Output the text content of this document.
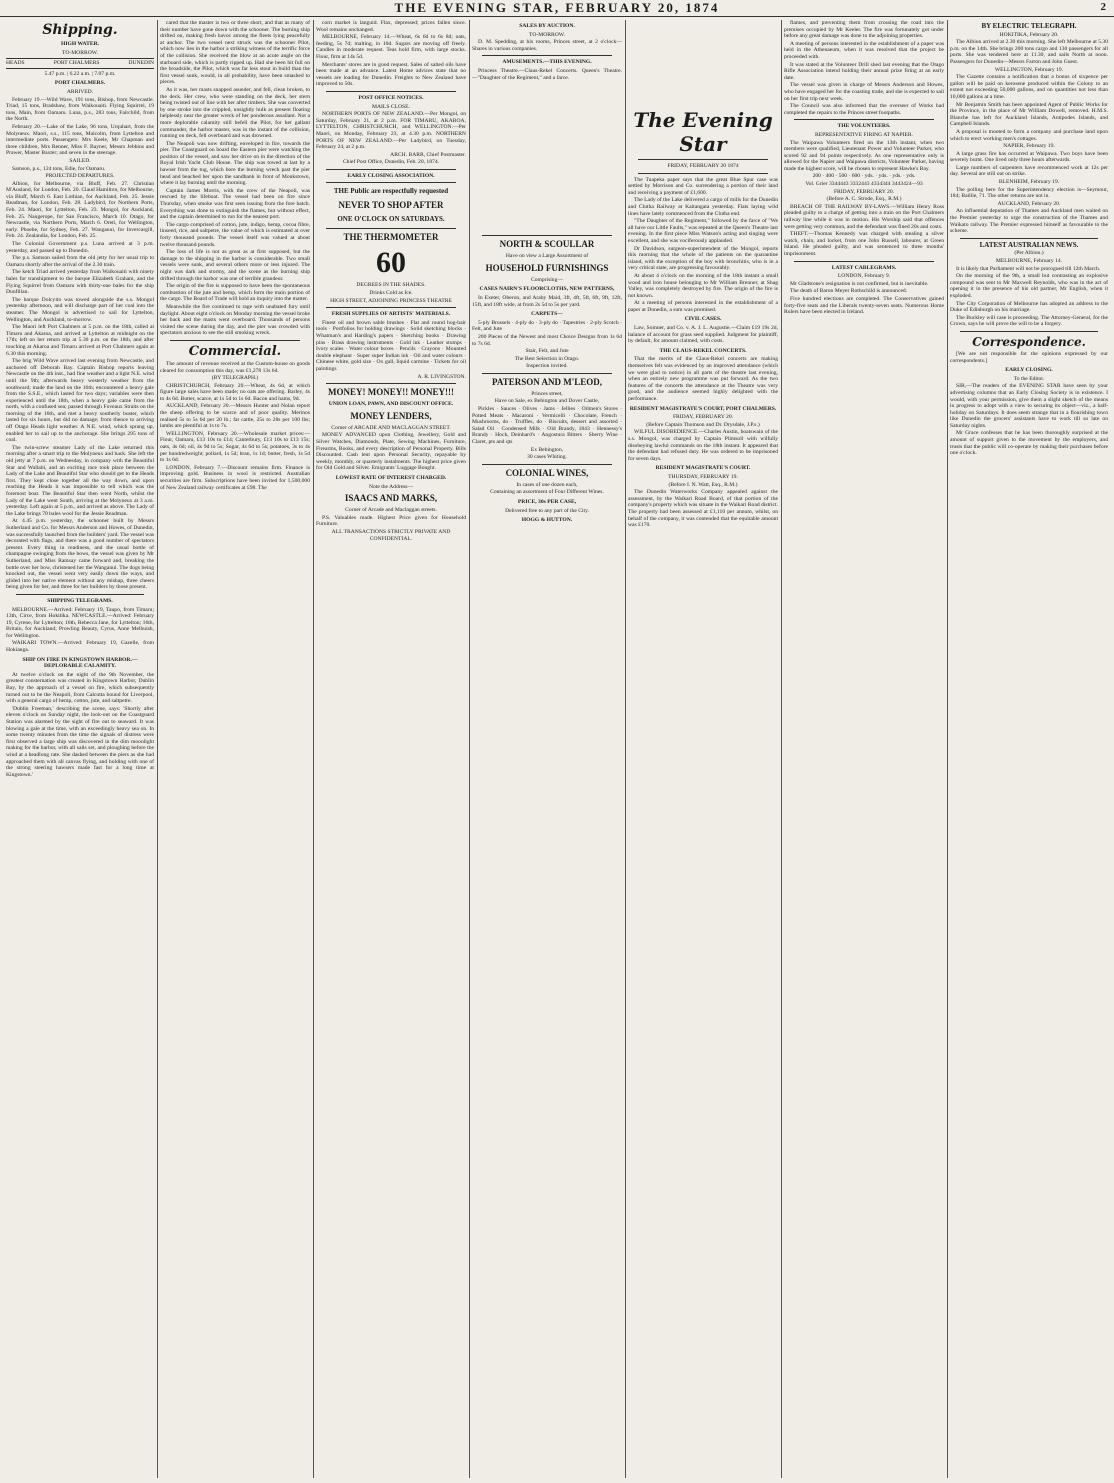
THE EVENING STAR, FEBRUARY 20, 1874	2
Shipping.
HIGH WATER.
TO-MORROW.
HEADS	PORT CHALMERS	DUNEDIN
5.47 p.m. | 6.22 a.m. | 7.07 p.m.
PORT CHALMERS.
ARRIVED.

February 19.—Wild Wave, 191 tons, Bishop, from Newcastle. Triad, 15 tons, Bradshaw, from Waikouaiti. Flying Squirrel, 19 tons, Main, from Oamaru. Luna, p.s., 283 tons, Fairchild, from the North.

February 20.—Lake of the Lake, 96 tons, Urquhart, from the Molyneux. Maori, s.s., 115 tons, Malcolm, from Lyttelton and intermediate ports. Passengers: Mrs Keele, Mr Chapman and three children, Mrs Renner, Miss F. Bayner, Messrs Jebbins and Prawer, Master Baxter; and seven in the steerage.

SAILED.

Samson, p.s., 124 tons, Edie, for Oamaru.

PROJECTED DEPARTURES.

Albion, for Melbourne, via Bluff, Feb. 27. Christian M'Ausland, for London, Feb. 20. Claud Hamilton, for Melbourne, via Bluff, March 6. East Lothian, for Auckland, Feb. 25. Jessie Readman, for London, Feb. 28. Ladybird, for Northern Ports, Feb. 24. Maori, for Lyttelton, Feb. 23. Mongol, for Auckland, Feb. 25. Naugerope, for San Francisco, March 10. Otago, for Newcastle, via Northern Ports, March 6. Oreti, for Wellington, early. Phoebe, for Sydney, Feb. 27. Wanganui, for Invercargill, Feb. 24. Zealandia, for London, Feb. 25.

The Colonial Government p.s. Luna arrived at 3 p.m. yesterday, and passed up to Dunedin.

The p.s. Samson sailed from the old jetty for her usual trip to Oamaru shortly after the arrival of the 2.30 train.

The ketch Triad arrived yesterday from Waikouaiti with ninety bales for transhipment to the barque Elizabeth Graham, and the Flying Squirrel from Oamaru with thirty-one bales for the ship Dunfillan.

The barque Dolcyito was towed alongside the s.s. Mongol yesterday afternoon, and will discharge part of her coal into the steamer. The Mongol is advertised to sail for Lyttelton, Wellington, and Auckland, to-morrow.

The Maori left Port Chalmers at 5 p.m. on the 18th, called at Timaru and Akaroa, and arrived at Lyttelton at midnight on the 17th; left on her return trip at 5.30 p.m. on the 18th, and after touching at Akaroa and Timaru arrived at Port Chalmers again at 6.30 this morning.

The brig Wild Wave arrived last evening from Newcastle, and anchored off Deborah Bay. Captain Bishop reports leaving Newcastle on the 4th inst., had fine weather and a light N.E. wind until the 9th; afterwards heavy westerly weather from the southward; made the land on the 16th; encountered a heavy gale from the S.S.E., which lasted for two days; variables were then experienced until the 18th, when a heavy gale came from the north, with a confused sea; passed through Foveaux Straits on the morning of the 16th, and met a heavy southerly buster, which lasted for six hours, but did no damage; from thence to arriving off Otago Heads light weather. A N.E. wind, which sprang up, enabled her to sail up to the anchorage. She brings 295 tons of coal.

The twin-screw steamer Lady of the Lake returned this morning after a smart trip to the Molyneux and back. She left the old jetty at 7 p.m. on Wednesday, in company with the Beautiful Star and Wallabi, and an exciting race took place between the Lady of the Lake and Beautiful Star who should get to the Heads first. They kept close together all the way down, and upon reaching the Heads it was impossible to tell which was the foremost boat. The Beautiful Star then went North, whilst the Lady of the Lake went South, arriving at the Molyneux at 3 a.m. yesterday. Left again at 5 p.m., and arrived as above. The Lady of the Lake brings 70 bales wool for the Jessie Readman.

At 4.45 p.m. yesterday, the schooner built by Messrs Sutherland and Co. for Messrs Anderson and Howes, of Dunedin, was successfully launched from the builders' yard. The vessel was decorated with flags, and there was a good number of spectators present. Every thing in readiness, and the usual bottle of champagne swinging from the bows, the vessel was given by Mr Sutherland, and Miss Ramsay came forward and, breaking the bottle over her bow, christened her the Wanganui. The dogs being knocked out, the vessel went very easily down the ways, and glided into her native element without any mishap, three cheers being given for her, and three for her builders by those present.

SHIPPING TELEGRAMS.

MELBOURNE.—Arrived: February 19, Taupo, from Timaru; 13th, Circe, from Hokitika. NEWCASTLE.—Arrived: February 19, Cyrene, for Lyttelton; 16th, Rebecca Jane, for Lyttelton; 16th, Britain, for Auckland; Prowling Beauty, Cyrus, Anne Melhuish, for Wellington.

WAIKARI TOWN.—Arrived: February 19, Gazelle, from Hokianga.

SHIP ON FIRE IN KINGSTOWN HARBOR.—DEPLORABLE CALAMITY.

At twelve o'clock on the night of the 9th November, the greatest consternation was created in Kingstown Harbor, Dublin Bay, by the approach of a vessel on fire, which subsequently turned out to be the Neapoli, from Calcutta bound for Liverpool, with a general cargo of hemp, cotton, jute, and saltpetre.

'Dublin Freeman,' describing the scene, says: 'Shortly after eleven o'clock on Sunday night, the look-out on the Coastguard Station was alarmed by the sight of fire out to seaward. It was blowing a gale at the time, with an exceedingly heavy sea on. In some twenty minutes from the time the signals of distress were first observed a large ship was discovered in the dim moonlight making for the harbor, with all sails set, and ploughing before the wind at a headlong rate. She dashed between the piers as she had approached them with all canvas flying, and holding with one of the strong steering hawsers made fast for a long time at Kingstown.'

cared that the master is two or three short, and that as many of their number have gone down with the schooner. The burning ship drifted on, making fresh havoc among the fleets lying peacefully at anchor. The two vessel next struck was the schooner Pilot, which now lies in the harbor a striking witness of the terrific force of the collision. She received the blow at an acute angle on the starboard side, which is partly ripped up. Had she been hit full on the broadside, the Pilot, which was far less stout in build than the first vessel sunk, would, in all probability, have been smashed to pieces.

As it was, her masts snapped asunder, and fell, clean broken, to the deck. Her crew, who were standing on the deck, her stern being twisted out of line with her after timbers. She was converted by one stroke into the crippled, unsightly hulk as present floating helplessly near the greater wreck of her ponderous assailant. Not a more deplorable calamity still befell the Pilot, for her gallant commander, the harbor master, was in the instant of the collision, running on deck, fell overboard and was drowned.

The Neapoli was now drifting, enveloped in fire, towards the pier. The Coastguard on board the Eastern pier were watching the position of the vessel, and saw her drive on in the direction of the Royal Irish Yacht Club House. The ship was towed at last by a hawser from the tug, which bore the burning wreck past the pier head and beached her upon the sandbank in front of Monkstown, where it lay burning until the morning.

Captain James Morris, with the crew of the Neapoli, was rescued by the lifeboat. The vessel had been on fire since Thursday, when smoke was first seen issuing from the fore hatch. Everything was done to extinguish the flames, but without effect, and the captain determined to run for the nearest port.

The cargo comprised of cotton, jute, indigo, hemp, cocoa fibre, linseed, rice, and saltpetre, the value of which is estimated at over forty thousand pounds. The vessel itself was valued at about twelve thousand pounds.

The loss of life is not as great as at first supposed, but the damage to the shipping in the harbor is considerable. Two small vessels were sunk, and several others more or less injured. The night was dark and stormy, and the scene as the burning ship drifted through the harbor was one of terrible grandeur.

The origin of the fire is supposed to have been the spontaneous combustion of the jute and hemp, which form the main portion of the cargo. The Board of Trade will hold an inquiry into the matter.

Meanwhile the fire continued to rage with unabated fury until daylight. About eight o'clock on Monday morning the vessel broke her back and the masts went overboard. Thousands of persons visited the scene during the day, and the pier was crowded with spectators anxious to see the still smoking wreck.

Commercial.

The amount of revenue received at the Custom-house on goods cleared for consumption this day, was £1,278 13s 6d.

(BY TELEGRAPH.)

CHRISTCHURCH, February 20.—Wheat, 4s 6d, at which figure large sales have been made; no oats are offering. Barley, 4s to 4s 6d. Butter, scarce, at 1s 5d to 1s 6d. Bacon and hams, 9d.

AUCKLAND, February 20.—Messrs Hunter and Nolan report the sheep offering to be scarce and of poor quality. Merinos realised 5s to 5s 6d per 20 lb.; fat cattle, 25s to 28s per 100 lbs; lambs are plentiful at 1s to 7s.

WELLINGTON, February 20.—Wholesale market prices:—Flour, Oamaru, £13 10s to £14; Canterbury, £13 10s to £13 15s; oats, 4s 6d; oil, 4s 9d to 5s; Sugar, 4s 6d to 5s; potatoes, 3s to 4s per hundredweight; pollard, 1s 5d; bran, 1s 1d; butter, fresh, 1s 5d to 1s 6d.

LONDON, February 7.—Discount remains firm. Finance is improving gold. Business in wool is restricted. Australian securities are firm. Subscriptions have been invited for 1,500,000 of New Zealand railway certificates at £98. The

corn market is languid. Flax, depressed; prices fallen since. Wool remains unchanged.

MELBOURNE, February 14.—Wheat, 6s 6d to 6s 8d; oats, feeding, 5s 7d; malting, in 10d. Sugars are moving off freely. Candles in moderate request. Teas hold firm, with large stocks. Flour, firm at 14s 5d.

Merchants' stores are in good request. Sales of salted oils have been made at an advance. Latest Home advices state that no vessels are loading for Dunedin. Freights to New Zealand have improved to 50s.

POST OFFICE NOTICES.
MAILS CLOSE.

NORTHERN PORTS OF NEW ZEALAND.—Per Mongol, on Saturday, February 21, at 2 p.m. FOR TIMARU, AKAROA, LYTTELTON, CHRISTCHURCH, and WELLINGTON.—Per Maori, on Monday, February 23, at 4.30 p.m. NORTHERN PORTS OF NEW ZEALAND.—Per Ladybird, on Tuesday, February 24, at 2 p.m.

ARCH. BARR, Chief Postmaster.
Chief Post Office, Dunedin, Feb. 20, 1874.
EARLY CLOSING ASSOCIATION.
THE Public are respectfully requested
NEVER TO SHOP AFTER
ONE O'CLOCK ON SATURDAYS.
THE THERMOMETER
60
DEGREES IN THE SHADES.
Drinks Cold as Ice.
HIGH STREET, ADJOINING PRINCESS THEATRE
FRESH SUPPLIES OF ARTISTS' MATERIALS.

Finest oil and brown sable brushes · Flat and round hog-hair tools · Portfolios for holding drawings · Solid sketching blocks · Whatman's and Harding's papers · Sketching books · Drawing pins · Brass drawing instruments · Gold ink · Leather stumps · Ivory scales · Water colour boxes · Pencils · Crayons · Mounted double elephant · Super super Indian ink · Oil and water colours · Chinese white, gold size · Ox gall, liquid carmine · Tickets for oil paintings

A. R. LIVINGSTON.
MONEY! MONEY!! MONEY!!!
UNION LOAN, PAWN, AND DISCOUNT OFFICE.
MONEY LENDERS,
Corner of ARCADE AND MACLAGGAN STREET.

MONEY ADVANCED upon Clothing, Jewellery, Gold and Silver Watches, Diamonds, Plate, Sewing Machines, Furniture, Firearms, Books, and every description of Personal Property. Bills Discounted. Cash lent upon Personal Security, repayable by weekly, monthly, or quarterly instalments. The highest price given for Old Gold and Silver. Emigrants' Luggage Bought.

LOWEST RATE OF INTEREST CHARGED.
Note the Address—
ISAACS AND MARKS,
Corner of Arcade and Maclaggan streets.

P.S. Valuables made. Highest Price given for Household Furniture.

ALL TRANSACTIONS STRICTLY PRIVATE AND CONFIDENTIAL.
SALES BY AUCTION.
TO-MORROW.

D. M. Spedding, at his rooms, Princes street, at 2 o'clock—Shares in various companies.

AMUSEMENTS.—THIS EVENING.

Princess Theatre.—Claus-Rekel Concerts. Queen's Theatre.—"Daughter of the Regiment," and a farce.

NORTH & SCOULLAR
Have on view a Large Assortment of
HOUSEHOLD FURNISHINGS
Comprising—
CASES NAIRN'S FLOORCLOTHS, NEW PATTERNS,

In Exeter, Oberon, and Araby Maid, 3ft, 4ft, 5ft, 6ft, 9ft, 12ft, 15ft, and 18ft wide, at from 2s 5d to 5s per yard.

CARPETS—

5-ply Brussels · 4-ply do · 3-ply do · Tapestries · 2-ply Scotch · Felt, and Jute

200 Pieces of the Newest and most Choice Designs from 1s 6d to 7s 6d.

Stair, Felt, and Jute
The Best Selection in Otago.
Inspection invited.
PATERSON AND M'LEOD,
Princes street,
Have on Sale, ex Bebington and Dover Castle,

Pickles · Sauces · Olives · Jams · Jellies · Oilmen's Stores · Potted Meats · Macaroni · Vermicelli · Chocolate, French · Mushrooms, do · Truffles, do · Biscuits, dessert and assorted · Salad Oil · Condensed Milk · Old Brandy, 1843 · Hennessy's Brandy · Hock, Deinhard's · Angostura Bitters · Sherry Wine · Claret, pts and qts

Ex Bebington,
30 cases Whiting.
COLONIAL WINES,
In cases of one dozen each,
Containing an assortment of Four Different Wines.
PRICE, 30s PER CASE,
Delivered free to any part of the City.
HOGG & HUTTON.
The Evening Star
FRIDAY, FEBRUARY 20 1874

The Tuapeka paper says that the great Blue Spur case was settled by Morrison and Co. surrendering a portion of their land and receiving a payment of £1,600.

The Lady of the Lake delivered a cargo of mills for the Dunedin and Clutha Railway at Kaitangata yesterday. Flats laying wild lines have lately commenced from the Clutha end.

"The Daughter of the Regiment," followed by the farce of "We all have our Little Faults," was repeated at the Queen's Theatre last evening. In the first piece Miss Watson's acting and singing were excellent, and she was vociferously applauded.

Dr Davidson, surgeon-superintendent of the Mongol, reports this morning that the whole of the patients on the quarantine island, with the exception of the boy with bronchitis, who is in a very critical state, are progressing favourably.

At about 4 o'clock on the morning of the 18th instant a small wood and iron house belonging to Mr William Brenner, at Shag Valley, was completely destroyed by fire. The origin of the fire is not known.

At a meeting of persons interested in the establishment of a paper at Dunedin, a sum was promised.

CIVIL CASES.

Law, Somner, and Co. v. A. J. L. Augustie.—Claim £19 19s 2d, balance of account for grass seed supplied. Judgment for plaintiff, by default, for amount claimed, with costs.

THE CLAUS-REKEL CONCERTS.

That the merits of the Claus-Rekel concerts are making themselves felt was evidenced by an improved attendance (which we were glad to notice) in all parts of the theatre last evening, when an entirely new programme was put forward. As the two features of the concerts the attendance at the Theatre was very good, and the audience seemed highly delighted with the performance.

RESIDENT MAGISTRATE'S COURT, PORT CHALMERS.
FRIDAY, FEBRUARY 20.
(Before Captain Thomson and Dr. Drysdale, J.P.s.)

WILFUL DISOBEDIENCE.—Charles Austin, boatswain of the s.s. Mongol, was charged by Captain Plimsoll with wilfully disobeying lawful commands on the 18th instant. It appeared that the defendant had refused duty. He was ordered to be imprisoned for seven days.

RESIDENT MAGISTRATE'S COURT.
THURSDAY, FEBRUARY 19.
(Before I. N. Watt, Esq., R.M.)

The Dunedin Waterworks Company appealed against the assessment, by the Waikari Road Board, of that portion of the company's property which was situate in the Waikari Road district. The property had been assessed at £1,110 per annum, whilst, on behalf of the company, it was contended that the equitable amount was £170.

flames, and preventing them from crossing the road into the premises occupied by Mr Keeler. The fire was fortunately got under before any great damage was done to the adjoining properties.

A meeting of persons interested in the establishment of a paper was held in the Athenaeum, when it was resolved that the project be proceeded with.

It was stated at the Volunteer Drill shed last evening that the Otago Rifle Association intend holding their annual prize firing at an early date.

The vessel was given in charge of Messrs Anderson and Howes, who have engaged her for the coasting trade, and she is expected to sail on her first trip next week.

The Council was also informed that the overseer of Works had completed the repairs to the Princes street footpaths.

THE VOLUNTEERS.
REPRESENTATIVE FIRING AT NAPIER.

The Waipawa Volunteers fired on the 13th instant, when two members were qualified, Lieutenant Power and Volunteer Parker, who scored 92 and 94 points respectively. As one representative only is allowed for the Napier and Waipawa districts, Volunteer Parker, having made the highest score, will be chosen to represent Hawke's Bay.

200 · 400 · 500 · 600 · yds. · yds. · yds. · yds.
Vol. Grier 3344443 3332443 4334344 3443424—93
FRIDAY, FEBRUARY 20.
(Before A. C. Strode, Esq., R.M.)

BREACH OF THE RAILWAY BY-LAWS.—William Henry Ross pleaded guilty to a charge of getting into a train on the Port Chalmers railway line while it was in motion. His Worship said that offences were getting very common, and the defendant was fined 20s and costs.

THEFT.—Thomas Kennedy was charged with stealing a silver watch, chain, and locket, from one John Russell, labourer, at Green Island. He pleaded guilty, and was sentenced to three months' imprisonment.

LATEST CABLEGRAMS.
LONDON, February 9.

Mr Gladstone's resignation is not confirmed, but is inevitable.

The death of Baron Meyer Rothschild is announced.

Five hundred elections are completed. The Conservatives gained forty-five seats and the Liberals twenty-seven seats. Numerous Home Rulers have been elected in Ireland.

BY ELECTRIC TELEGRAPH.
HOKITIKA, February 20.

The Albion arrived at 2.30 this morning. She left Melbourne at 5.30 p.m. on the 14th. She brings 200 tons cargo and 130 passengers for all ports. She was tendered here at 11.30, and sails North at noon. Passengers for Dunedin—Messrs Farron and John Guest.

WELLINGTON, February 19.

The Gazette contains a notification that a bonus of sixpence per gallon will be paid on kerosene produced within the Colony to an extent not exceeding 50,000 gallons, and on quantities not less than 10,000 gallons at a time.

Mr Benjamin Smith has been appointed Agent of Public Works for the Province, in the place of Mr William Dowell, removed. H.M.S. Blanche has left for Auckland Islands, Antipodes Islands, and Campbell Islands.

A proposal is mooted to form a company and purchase land upon which to erect working men's cottages.

NAPIER, February 19.

A large grass fire has occurred at Waipawa. Two boys have been severely burnt. One lived only three hours afterwards.

Large numbers of carpenters have recommenced work at 12s per day. Several are still out on strike.

BLENHEIM, February 19.

The polling here for the Superintendency election is—Seymour, 184; Baillie, 71. The other returns are not in.

AUCKLAND, February 20.

An influential deputation of Thames and Auckland men waited on the Premier yesterday to urge the construction of the Thames and Waikato railway. The Premier expressed himself as favourable to the scheme.

LATEST AUSTRALIAN NEWS.
(Per Albion.)
MELBOURNE, February 14.

It is likely that Parliament will not be prorogued till 12th March.

On the morning of the 9th, a small but contrasting an explosive compound was sent to Mr Maxwell Reynolds, who was in the act of opening it in the presence of his old partner, Mr English, when it exploded.

The City Corporation of Melbourne has adopted an address to the Duke of Edinburgh on his marriage.

The Buckley will case is proceeding. The Attorney-General, for the Crown, says he will prove the will to be a forgery.

Correspondence.

[We are not responsible for the opinions expressed by our correspondents.]

EARLY CLOSING.
To the Editor.

SIR,—The readers of the EVENING STAR have seen by your advertising columns that an Early Closing Society is in existence. I would, with your permission, give them a slight sketch of the means in progress to adopt with a view to securing its object—viz., a half-holiday on Saturdays. It does seem strange that in a flourishing town like Dunedin the grocers' assistants have to work till so late on Saturday nights.

Mr Grace confesses that he has been thoroughly surprised at the amount of support given to the movement by the employers, and trusts that the public will co-operate by making their purchases before one o'clock.
